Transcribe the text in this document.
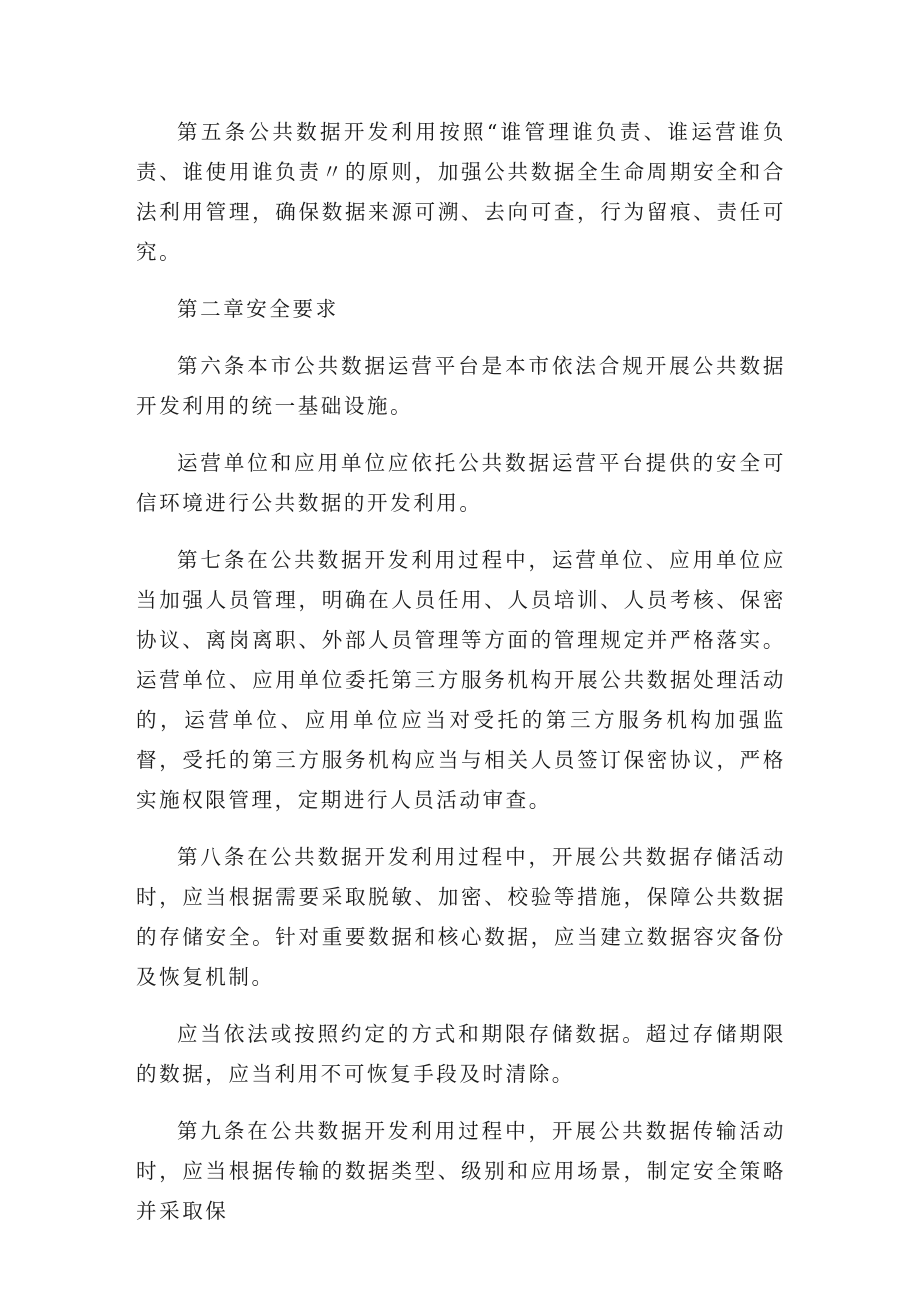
第五条公共数据开发利用按照“谁管理谁负责、谁运营谁负责、谁使用谁负责〃的原则，加强公共数据全生命周期安全和合法利用管理，确保数据来源可溯、去向可查，行为留痕、责任可究。

第二章安全要求

第六条本市公共数据运营平台是本市依法合规开展公共数据开发利用的统一基础设施。

运营单位和应用单位应依托公共数据运营平台提供的安全可信环境进行公共数据的开发利用。

第七条在公共数据开发利用过程中，运营单位、应用单位应当加强人员管理，明确在人员任用、人员培训、人员考核、保密协议、离岗离职、外部人员管理等方面的管理规定并严格落实。运营单位、应用单位委托第三方服务机构开展公共数据处理活动的，运营单位、应用单位应当对受托的第三方服务机构加强监督，受托的第三方服务机构应当与相关人员签订保密协议，严格实施权限管理，定期进行人员活动审查。

第八条在公共数据开发利用过程中，开展公共数据存储活动时，应当根据需要采取脱敏、加密、校验等措施，保障公共数据的存储安全。针对重要数据和核心数据，应当建立数据容灾备份及恢复机制。

应当依法或按照约定的方式和期限存储数据。超过存储期限的数据，应当利用不可恢复手段及时清除。

第九条在公共数据开发利用过程中，开展公共数据传输活动时，应当根据传输的数据类型、级别和应用场景，制定安全策略并采取保
